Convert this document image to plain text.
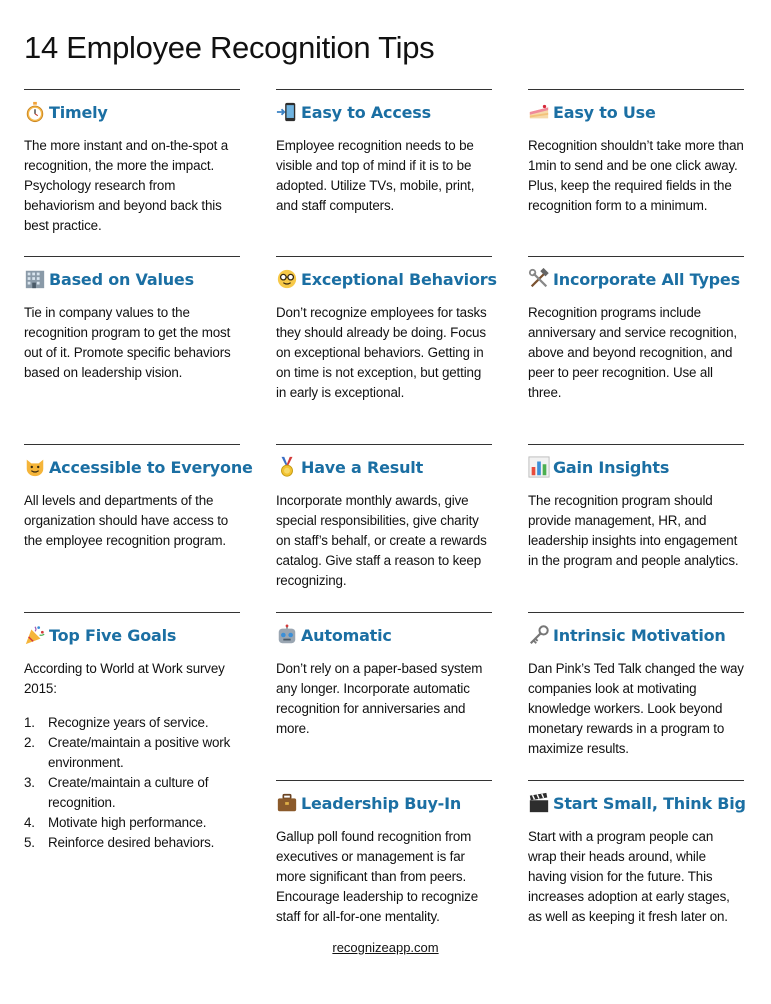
14 Employee Recognition Tips
Timely

The more instant and on-the-spot a recognition, the more the impact. Psychology research from behaviorism and beyond back this best practice.

Easy to Access

Employee recognition needs to be visible and top of mind if it is to be adopted. Utilize TVs, mobile, print, and staff computers.

Easy to Use

Recognition shouldn’t take more than 1min to send and be one click away. Plus, keep the required fields in the recognition form to a minimum.

Based on Values

Tie in company values to the recognition program to get the most out of it. Promote specific behaviors based on leadership vision.

Exceptional Behaviors

Don’t recognize employees for tasks they should already be doing. Focus on exceptional behaviors. Getting in on time is not exception, but getting in early is exceptional.

Incorporate All Types

Recognition programs include anniversary and service recognition, above and beyond recognition, and peer to peer recognition. Use all three.

Accessible to Everyone

All levels and departments of the organization should have access to the employee recognition program.

Have a Result

Incorporate monthly awards, give special responsibilities, give charity on staff’s behalf, or create a rewards catalog. Give staff a reason to keep recognizing.

Gain Insights

The recognition program should provide management, HR, and leadership insights into engagement in the program and people analytics.

Top Five Goals

According to World at Work survey 2015:

1. Recognize years of service.
2. Create/maintain a positive work environment.
3. Create/maintain a culture of recognition.
4. Motivate high performance.
5. Reinforce desired behaviors.
Automatic

Don’t rely on a paper-based system any longer. Incorporate automatic recognition for anniversaries and more.

Intrinsic Motivation

Dan Pink’s Ted Talk changed the way companies look at motivating knowledge workers. Look beyond monetary rewards in a program to maximize results.

Leadership Buy-In

Gallup poll found recognition from executives or management is far more significant than from peers. Encourage leadership to recognize staff for all-for-one mentality.

Start Small, Think Big

Start with a program people can wrap their heads around, while having vision for the future. This increases adoption at early stages, as well as keeping it fresh later on.

recognizeapp.com
